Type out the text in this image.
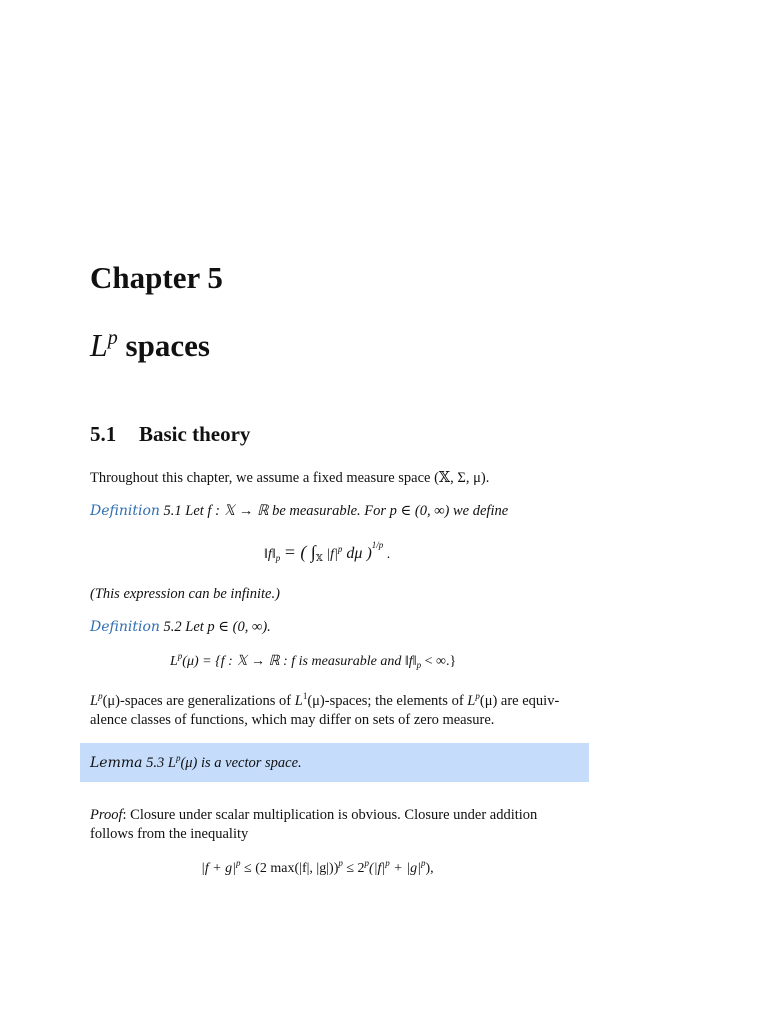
Chapter 5
$L^p$ spaces
5.1 Basic theory
Throughout this chapter, we assume a fixed measure space (𝕏, Σ, μ).
Definition 5.1 Let f : 𝕏 → ℝ be measurable. For p ∈ (0, ∞) we define
$‖f‖_p$ = ( $\int_𝕏$ $|f|^p$ dμ )$^{1/p}$ .
(This expression can be infinite.)
Definition 5.2 Let p ∈ (0, ∞).
$L^p(\mu) = \{f$ : 𝕏 → ℝ : f is measurable and $‖f‖_p$ < ∞.}
$L^p(\mu)$-spaces are generalizations of $L^1(\mu)$-spaces; the elements of $L^p(\mu)$ are equiv-
alence classes of functions, which may differ on sets of zero measure.
Lemma 5.3 $L^p(\mu)$ is a vector space.
Proof: Closure under scalar multiplication is obvious. Closure under addition
follows from the inequality
$|f + g|^p \le (2$ max(|f|, $|g|))^p \le 2^p(|f|^p + |g|^p)$,
